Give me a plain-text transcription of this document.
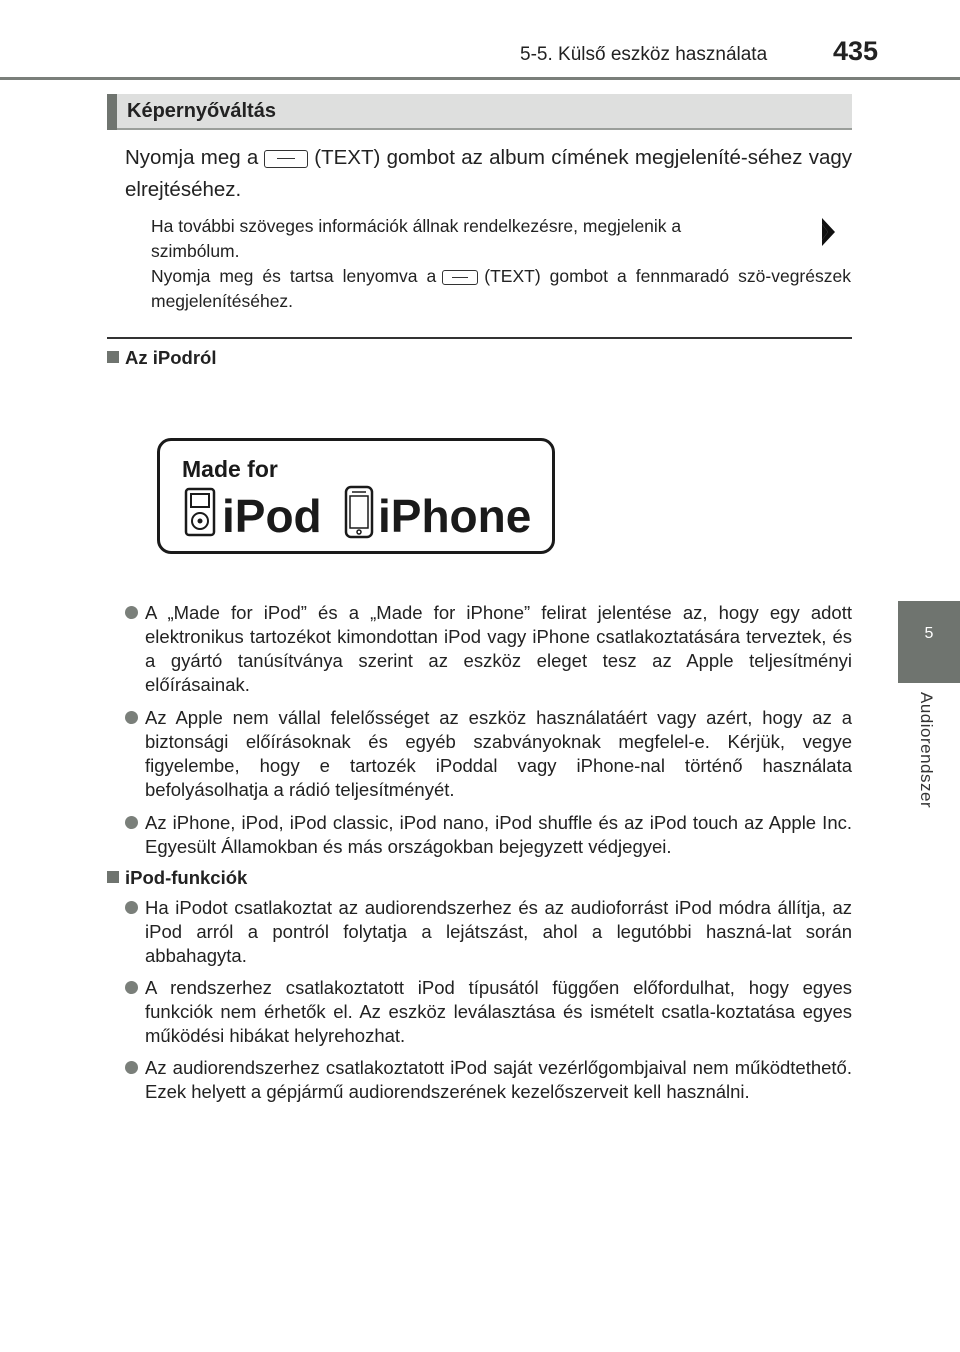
5-5. Külső eszköz használata 435
5
Audiorendszer
Képernyőváltás
Nyomja meg a	(TEXT) gombot az album címének megjeleníté-séhez vagy elrejtéséhez.
Ha további szöveges információk állnak rendelkezésre, megjelenik a
szimbólum.
Nyomja meg és tartsa lenyomva a	(TEXT) gombot a fennmaradó szö-vegrészek megjelenítéséhez.
Az iPodról
Made for
iPod iPhone
A „Made for iPod” és a „Made for iPhone” felirat jelentése az, hogy egy adott elektronikus tartozékot kimondottan iPod vagy iPhone csatlakoztatására terveztek, és a gyártó tanúsítványa szerint az eszköz eleget tesz az Apple teljesítményi előírásainak.
Az Apple nem vállal felelősséget az eszköz használatáért vagy azért, hogy az a biztonsági előírásoknak és egyéb szabványoknak megfelel-e. Kérjük, vegye figyelembe, hogy e tartozék iPoddal vagy iPhone-nal történő használata befolyásolhatja a rádió teljesítményét.
Az iPhone, iPod, iPod classic, iPod nano, iPod shuffle és az iPod touch az Apple Inc. Egyesült Államokban és más országokban bejegyzett védjegyei.
iPod-funkciók
Ha iPodot csatlakoztat az audiorendszerhez és az audioforrást iPod módra állítja, az iPod arról a pontról folytatja a lejátszást, ahol a legutóbbi haszná-lat során abbahagyta.
A rendszerhez csatlakoztatott iPod típusától függően előfordulhat, hogy egyes funkciók nem érhetők el. Az eszköz leválasztása és ismételt csatla-koztatása egyes működési hibákat helyrehozhat.
Az audiorendszerhez csatlakoztatott iPod saját vezérlőgombjaival nem működtethető. Ezek helyett a gépjármű audiorendszerének kezelőszerveit kell használni.
